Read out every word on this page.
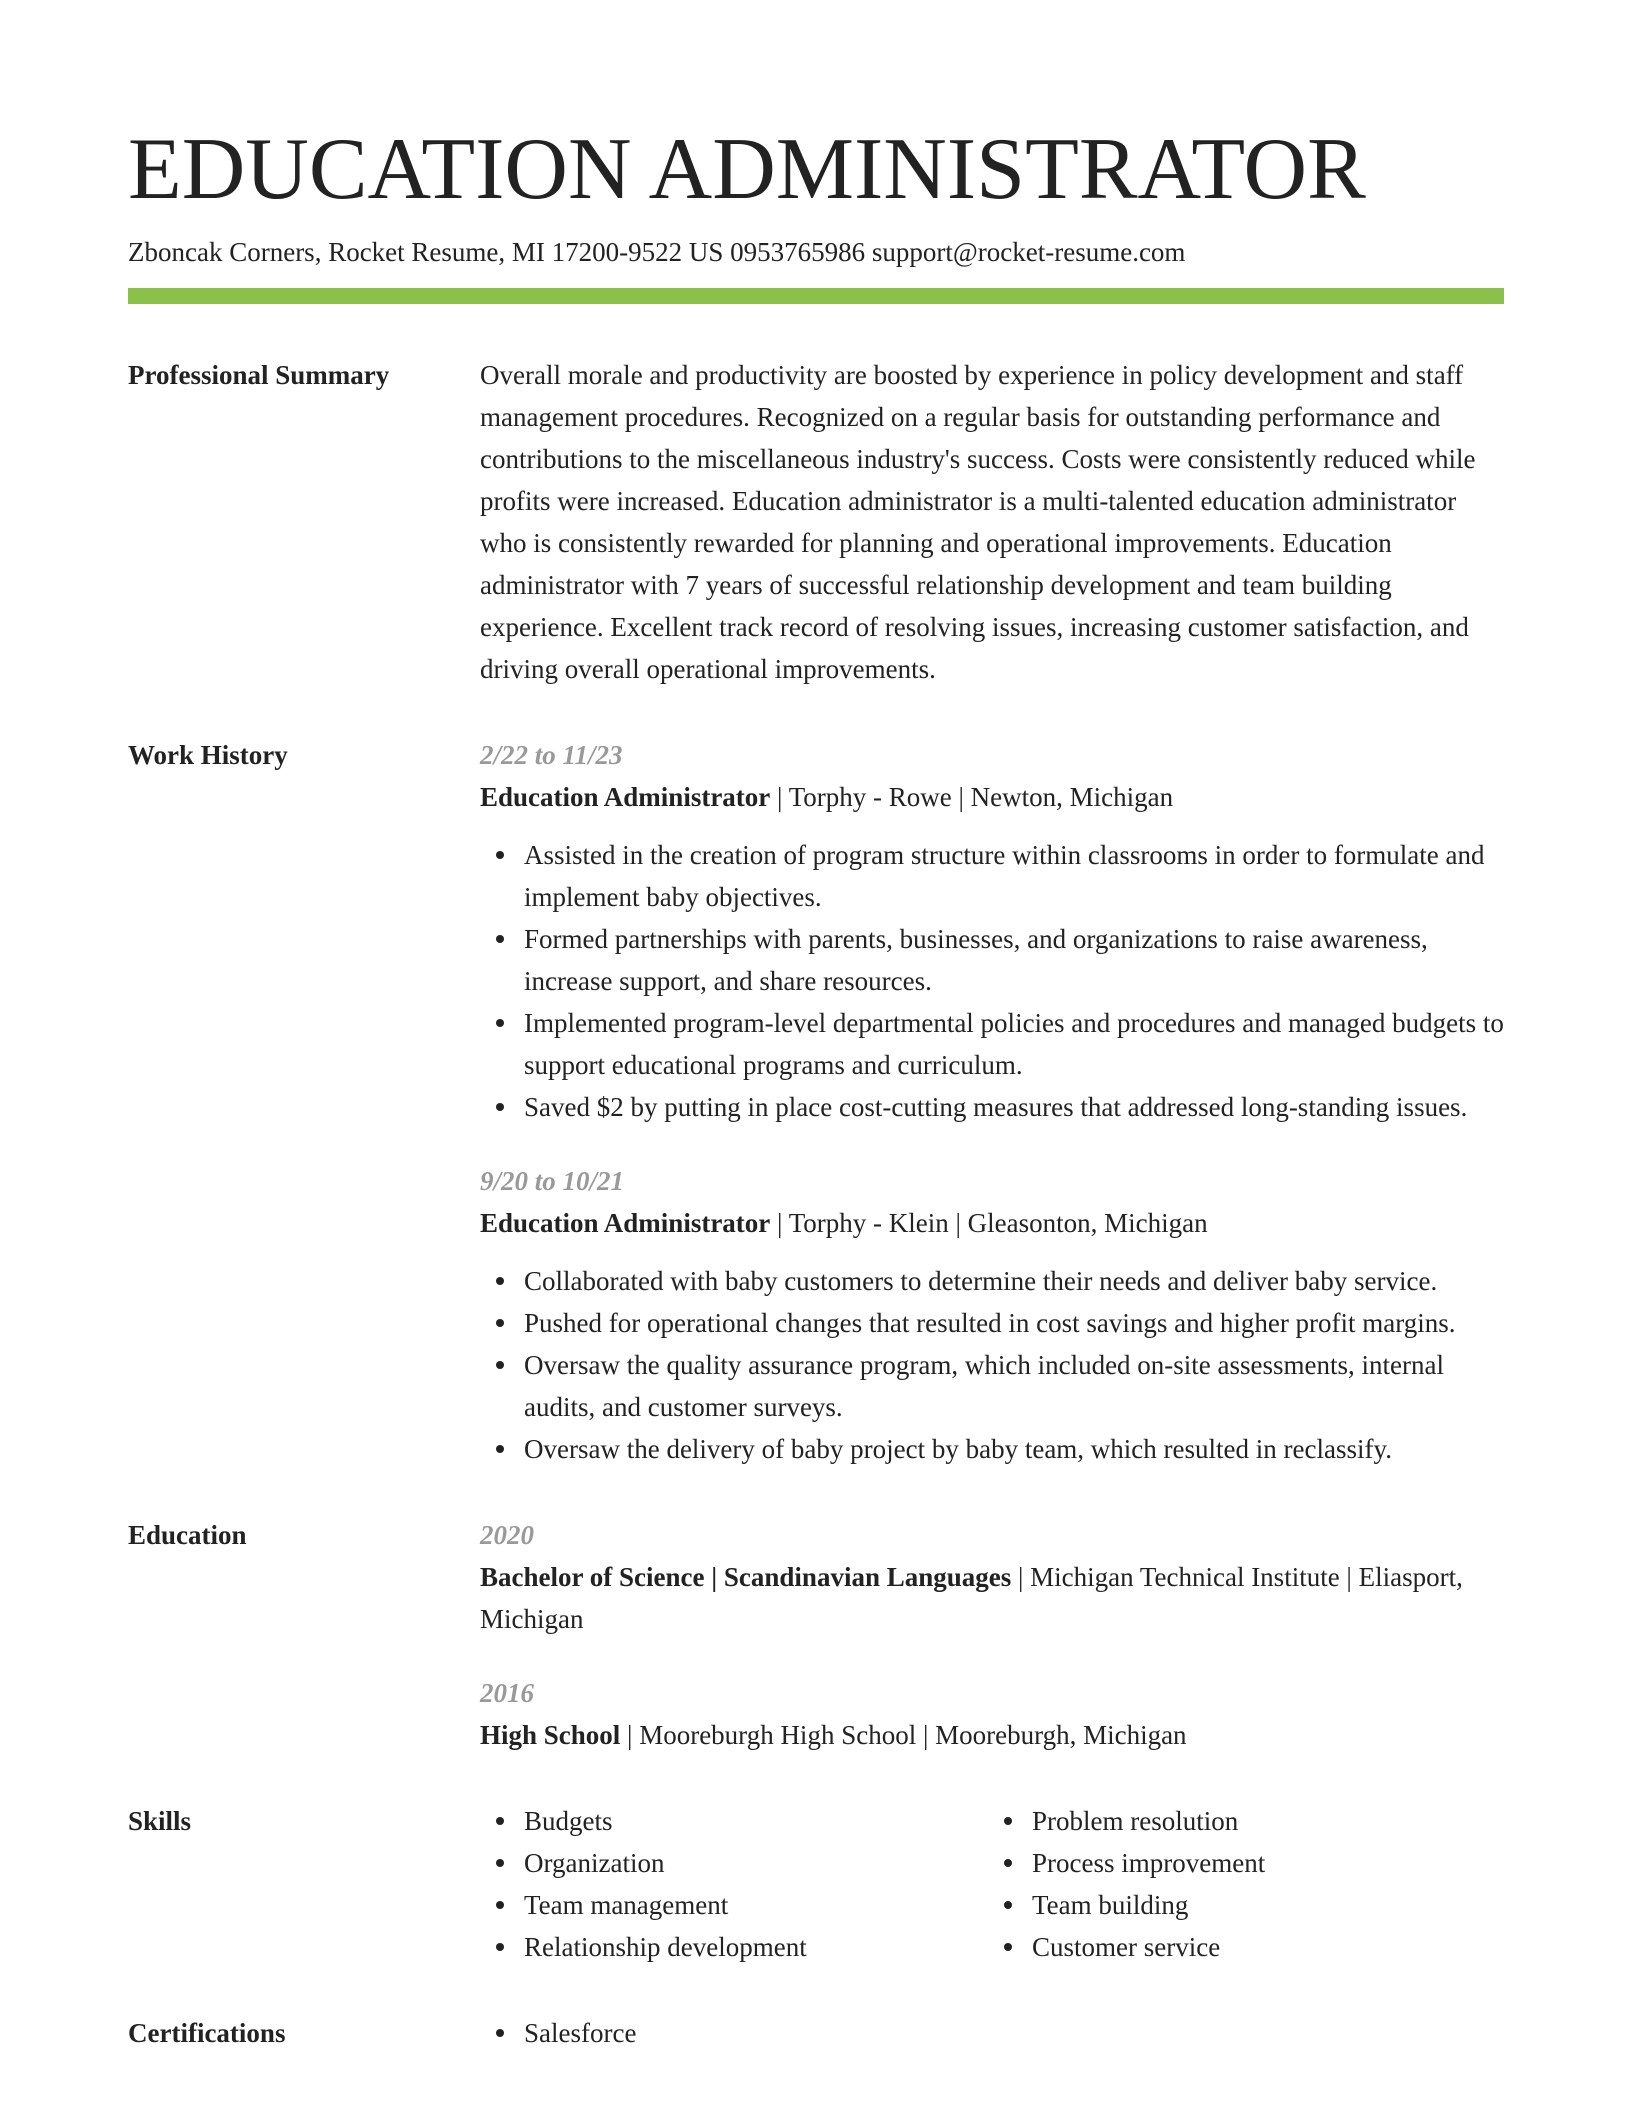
EDUCATION ADMINISTRATOR
Zboncak Corners, Rocket Resume, MI 17200-9522 US 0953765986 support@rocket-resume.com
Professional Summary	Overall morale and productivity are boosted by experience in policy development and staff management procedures. Recognized on a regular basis for outstanding performance and contributions to the miscellaneous industry's success. Costs were consistently reduced while profits were increased. Education administrator is a multi-talented education administrator who is consistently rewarded for planning and operational improvements. Education administrator with 7 years of successful relationship development and team building experience. Excellent track record of resolving issues, increasing customer satisfaction, and driving overall operational improvements.

Work History	2/22 to 11/23

Education Administrator | Torphy - Rowe | Newton, Michigan

Assisted in the creation of program structure within classrooms in order to formulate and implement baby objectives.
Formed partnerships with parents, businesses, and organizations to raise awareness, increase support, and share resources.
Implemented program-level departmental policies and procedures and managed budgets to support educational programs and curriculum.
Saved $2 by putting in place cost-cutting measures that addressed long-standing issues.
9/20 to 10/21

Education Administrator | Torphy - Klein | Gleasonton, Michigan

Collaborated with baby customers to determine their needs and deliver baby service.
Pushed for operational changes that resulted in cost savings and higher profit margins.
Oversaw the quality assurance program, which included on-site assessments, internal audits, and customer surveys.
Oversaw the delivery of baby project by baby team, which resulted in reclassify.
Education	2020

Bachelor of Science | Scandinavian Languages | Michigan Technical Institute | Eliasport, Michigan

2016

High School | Mooreburgh High School | Mooreburgh, Michigan

Skills	Budgets
Organization
Team management
Relationship development
Problem resolution
Process improvement
Team building
Customer service
Certifications	Salesforce
